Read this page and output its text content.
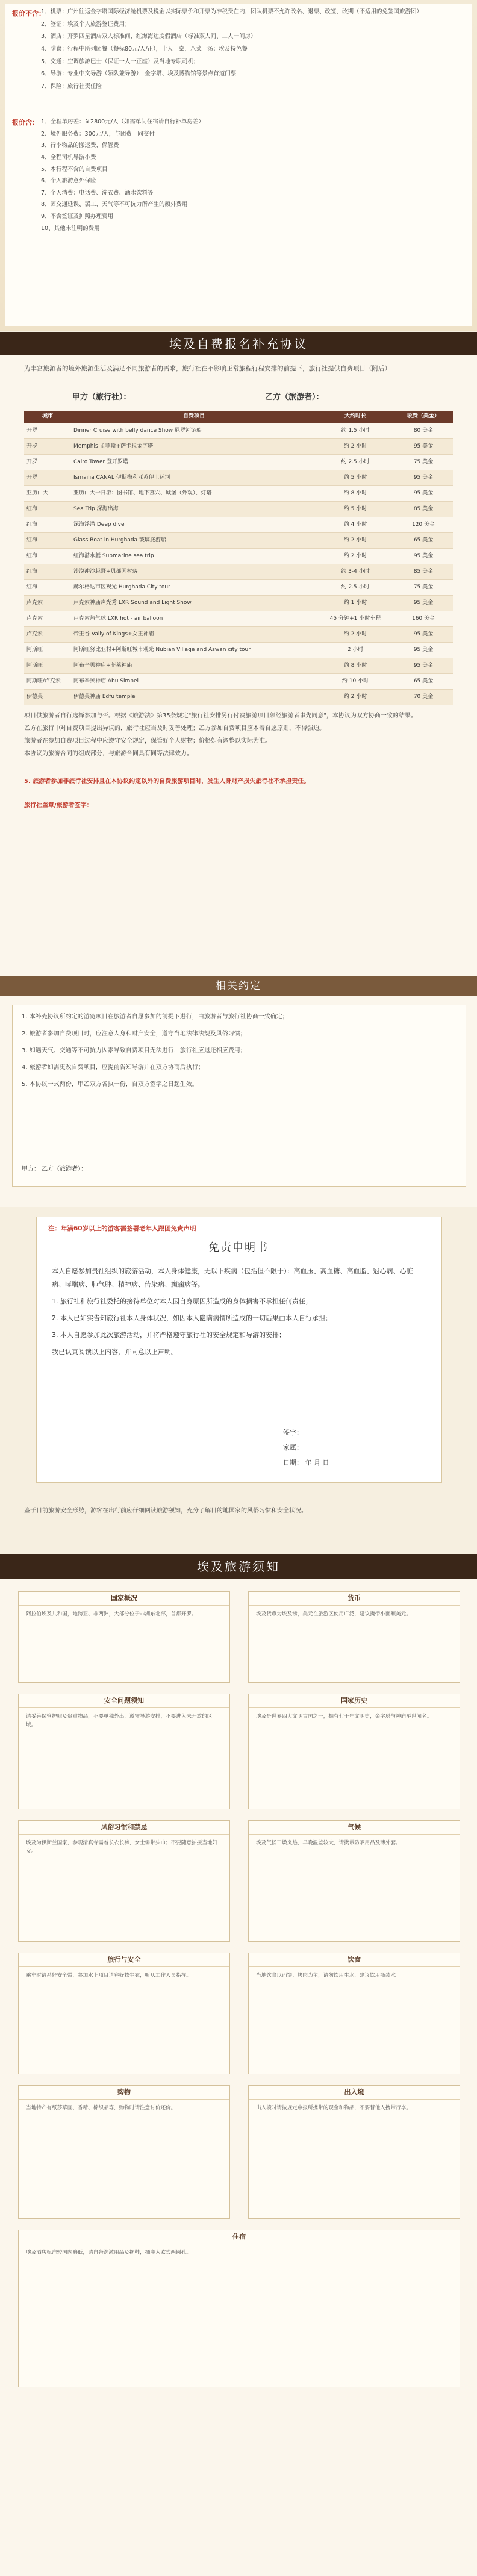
报价不含：
1、机票：广州往返金字塔国际经济舱机票及税金以实际票价和开票为准税费在内，团队机票不允许改名、退票、改签、改期（不适用的免签国旅游团）
2、签证：埃及个人旅游签证费用；
3、酒店：开罗四星酒店双人标准间、红海海边度假酒店（标准双人间、二人一间房）
4、膳食：行程中所列团餐（餐标80元/人/正），十人一桌，八菜一汤；埃及特色餐
5、交通：空调旅游巴士（保证一人一正座）及当地专职司机；
6、导游：专业中文导游（领队兼导游），金字塔、埃及博物馆等景点首道门票
7、保险：旅行社责任险
报价含： 1、全程单房差：￥2800元/人（如需单间住宿请自行补单房差）
2、境外服务费：300元/人，与团费一同交付
3、行李物品的搬运费、保管费
4、全程司机导游小费
5、本行程不含的自费项目
6、个人旅游意外保险
7、个人消费：电话费、洗衣费、酒水饮料等
8、因交通延误、罢工、天气等不可抗力所产生的额外费用
9、不含签证及护照办理费用
10、其他未注明的费用
埃及自费报名补充协议
为丰富旅游者的境外旅游生活及满足不同旅游者的需求，旅行社在不影响正常旅程行程安排的前提下，旅行社提供自费项目（附后）
甲方（旅行社）：	乙方（旅游者）：
城市	自费项目	大约时长	收费（美金）
开罗	Dinner Cruise with belly dance Show 尼罗河游船	约 1.5 小时	80 美金
开罗	Memphis 孟菲斯+萨卡拉金字塔	约 2 小时	95 美金
开罗	Cairo Tower 登开罗塔	约 2.5 小时	75 美金
开罗	Ismailia CANAL 伊斯梅利亚苏伊士运河	约 5 小时	95 美金
亚历山大	亚历山大一日游：图书馆、地下墓穴、城堡（外观）、灯塔	约 8 小时	95 美金
红海	Sea Trip 深海出海	约 5 小时	85 美金
红海	深海浮潜 Deep dive	约 4 小时	120 美金
红海	Glass Boat in Hurghada 玻璃底游船	约 2 小时	65 美金
红海	红海潜水艇 Submarine sea trip	约 2 小时	95 美金
红海	沙漠冲沙越野+贝都因村落	约 3-4 小时	85 美金
红海	赫尔格达市区观光 Hurghada City tour	约 2.5 小时	75 美金
卢克索	卢克索神庙声光秀 LXR Sound and Light Show	约 1 小时	95 美金
卢克索	卢克索热气球 LXR hot - air balloon	45 分钟+1 小时车程	160 美金
卢克索	帝王谷 Vally of Kings+女王神庙	约 2 小时	95 美金
阿斯旺	阿斯旺努比亚村+阿斯旺城市观光 Nubian Village and Aswan city tour	2 小时	95 美金
阿斯旺	阿布辛贝神庙+菲莱神庙	约 8 小时	95 美金
阿斯旺/卢克索	阿布辛贝神庙 Abu Simbel	约 10 小时	65 美金
伊德芙	伊德芙神庙 Edfu temple	约 2 小时	70 美金
项目供旅游者自行选择参加与否。根据《旅游法》第35条规定"旅行社安排另行付费旅游项目须经旅游者事先同意"，本协议为双方协商一致的结果。
乙方在旅行中对自费项目提出异议的，旅行社应当及时妥善处理；乙方参加自费项目应本着自愿原则，不得强迫。
旅游者在参加自费项目过程中应遵守安全规定，保管好个人财物；价格如有调整以实际为准。
本协议为旅游合同的组成部分，与旅游合同具有同等法律效力。
5. 旅游者参加非旅行社安排且在本协议约定以外的自费旅游项目时，发生人身财产损失旅行社不承担责任。
旅行社盖章/旅游者签字：
相关约定
1. 本补充协议所约定的游览项目在旅游者自愿参加的前提下进行，由旅游者与旅行社协商一致确定；
2. 旅游者参加自费项目时，应注意人身和财产安全，遵守当地法律法规及风俗习惯；
3. 如遇天气、交通等不可抗力因素导致自费项目无法进行，旅行社应退还相应费用；
4. 旅游者如需更改自费项目，应提前告知导游并在双方协商后执行；
5. 本协议一式两份，甲乙双方各执一份，自双方签字之日起生效。
甲方： 乙方（旅游者）：
注：年满60岁以上的游客需签署老年人跟团免责声明
免责申明书
本人自愿参加贵社组织的旅游活动，本人身体健康，无以下疾病（包括但不限于）：高血压、高血糖、高血脂、冠心病、心脏病、哮喘病、肺气肿、精神病、传染病、癫痫病等。
1. 旅行社和旅行社委托的接待单位对本人因自身原因所造成的身体损害不承担任何责任；
2. 本人已如实告知旅行社本人身体状况，如因本人隐瞒病情所造成的一切后果由本人自行承担；
3. 本人自愿参加此次旅游活动，并将严格遵守旅行社的安全规定和导游的安排；
我已认真阅读以上内容，并同意以上声明。
签字：
家属：
日期： 年 月 日
鉴于目前旅游安全形势，游客在出行前应仔细阅读旅游须知，充分了解目的地国家的风俗习惯和安全状况。
埃及旅游须知
国家概况

阿拉伯埃及共和国，地跨亚、非两洲，大部分位于非洲东北部，首都开罗。

货币

埃及货币为埃及镑，美元在旅游区使用广泛，建议携带小面额美元。

安全问题须知

请妥善保管护照及贵重物品，不要单独外出，遵守导游安排，不要进入未开放的区域。

国家历史

埃及是世界四大文明古国之一，拥有七千年文明史，金字塔与神庙举世闻名。

风俗习惯和禁忌

埃及为伊斯兰国家，参观清真寺需着长衣长裤，女士需带头巾；不要随意拍摄当地妇女。

气候

埃及气候干燥炎热，早晚温差较大，请携带防晒用品及薄外套。

旅行与安全

乘车时请系好安全带，参加水上项目请穿好救生衣，听从工作人员指挥。

饮食

当地饮食以面饼、烤肉为主，请勿饮用生水，建议饮用瓶装水。

购物

当地特产有纸莎草画、香精、棉织品等，购物时请注意讨价还价。

出入境

出入境时请按规定申报所携带的现金和物品，不要替他人携带行李。

住宿

埃及酒店标准较国内略低，请自备洗漱用品及拖鞋，插座为欧式两圆孔。
